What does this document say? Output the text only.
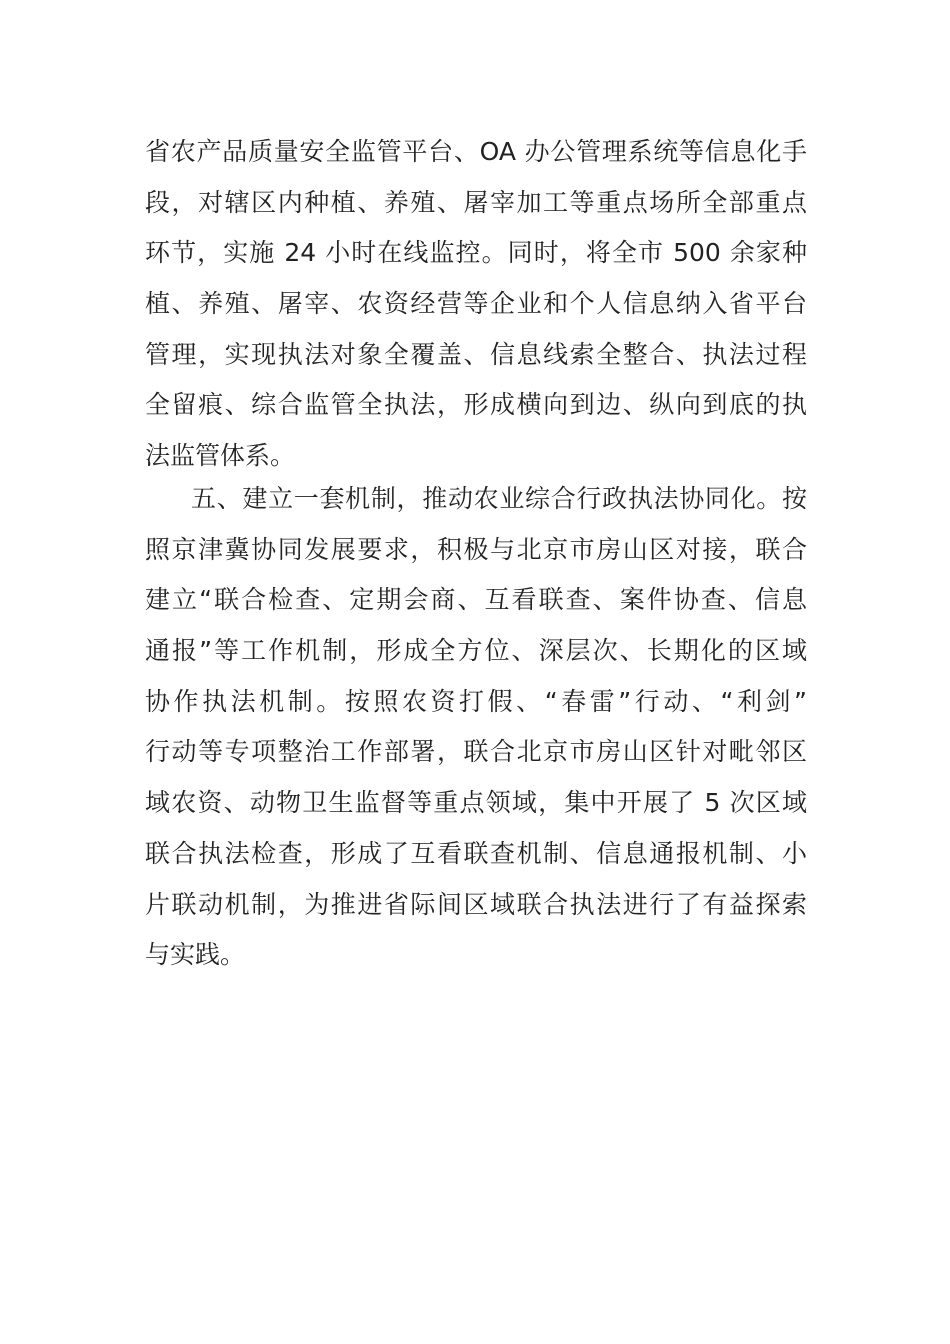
省农产品质量安全监管平台、OA 办公管理系统等信息化手
段，对辖区内种植、养殖、屠宰加工等重点场所全部重点
环节，实施 24 小时在线监控。同时，将全市 500 余家种
植、养殖、屠宰、农资经营等企业和个人信息纳入省平台
管理，实现执法对象全覆盖、信息线索全整合、执法过程
全留痕、综合监管全执法，形成横向到边、纵向到底的执
法监管体系。
五、建立一套机制，推动农业综合行政执法协同化。按
照京津冀协同发展要求，积极与北京市房山区对接，联合
建立“联合检查、定期会商、互看联查、案件协查、信息
通报”等工作机制，形成全方位、深层次、长期化的区域
协作执法机制。按照农资打假、“春雷”行动、“利剑”
行动等专项整治工作部署，联合北京市房山区针对毗邻区
域农资、动物卫生监督等重点领域，集中开展了 5 次区域
联合执法检查，形成了互看联查机制、信息通报机制、小
片联动机制，为推进省际间区域联合执法进行了有益探索
与实践。
